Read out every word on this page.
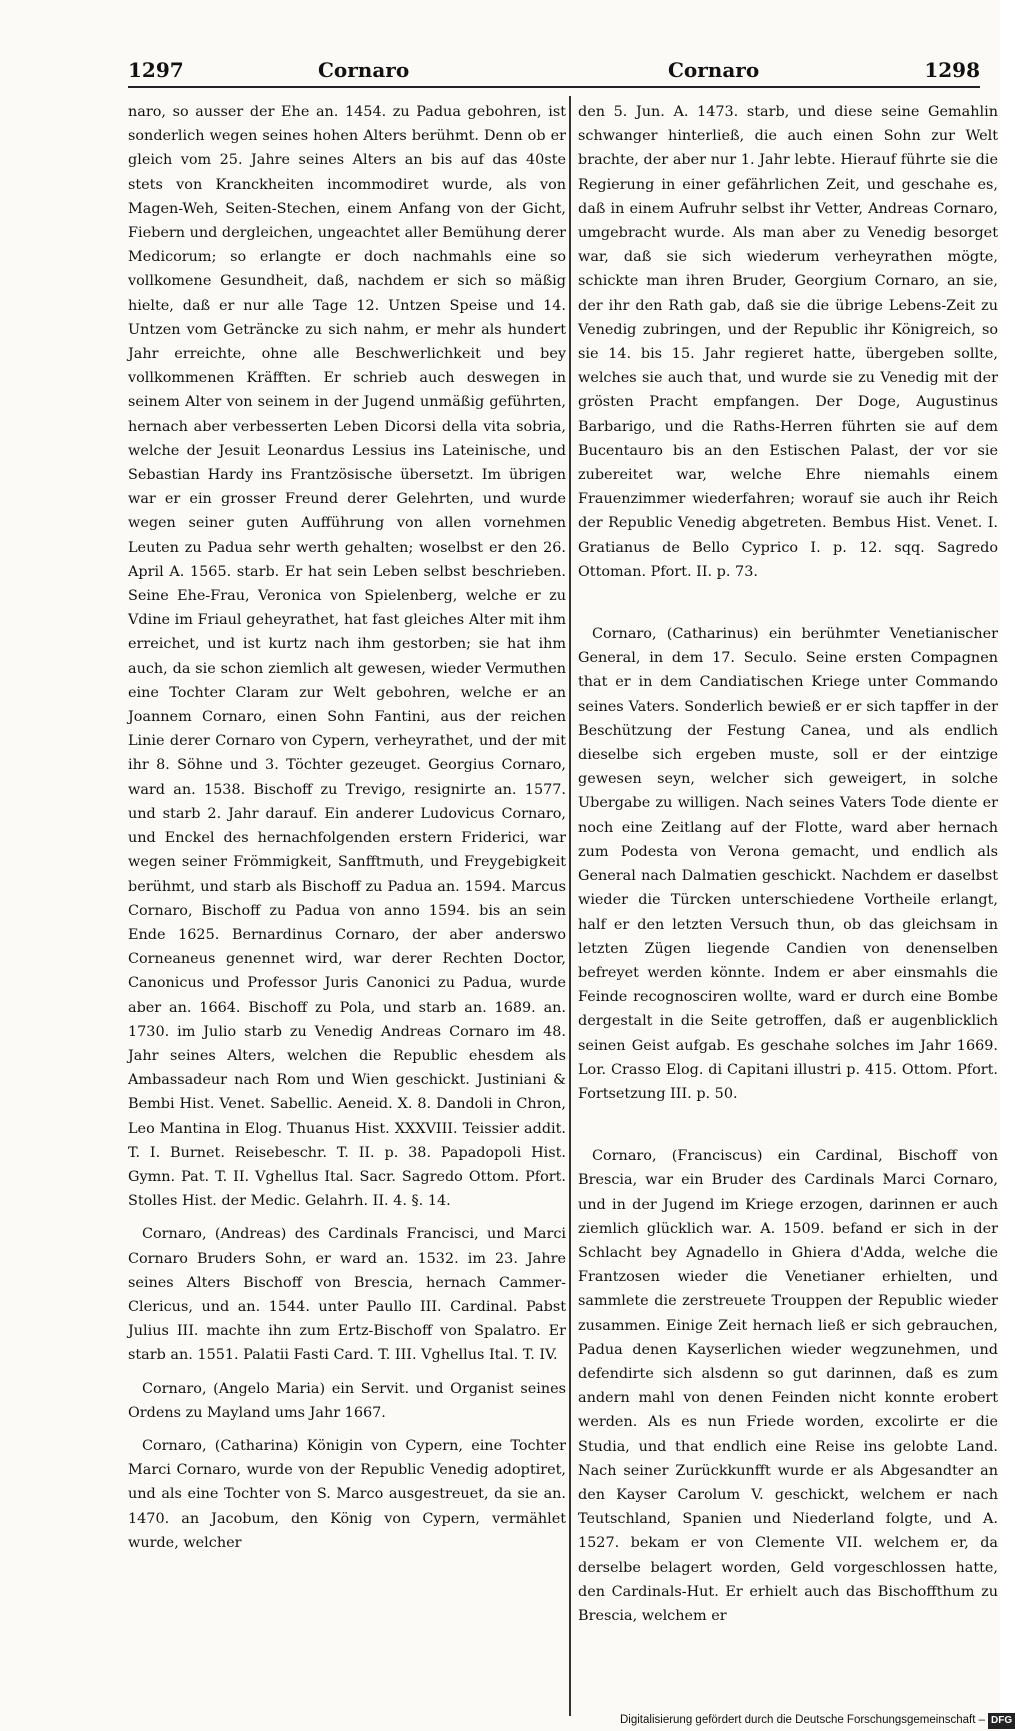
1297	Cornaro	Cornaro	1298

naro, so ausser der Ehe an. 1454. zu Padua gebohren, ist sonderlich wegen seines hohen Alters berühmt. Denn ob er gleich vom 25. Jahre seines Alters an bis auf das 40ste stets von Kranckheiten incommodiret wurde, als von Magen-Weh, Seiten-Stechen, einem Anfang von der Gicht, Fiebern und dergleichen, ungeachtet aller Bemühung derer Medicorum; so erlangte er doch nachmahls eine so vollkomene Gesundheit, daß, nachdem er sich so mäßig hielte, daß er nur alle Tage 12. Untzen Speise und 14. Untzen vom Geträncke zu sich nahm, er mehr als hundert Jahr erreichte, ohne alle Beschwerlichkeit und bey vollkommenen Kräfften. Er schrieb auch deswegen in seinem Alter von seinem in der Jugend unmäßig geführten, hernach aber verbesserten Leben Dicorsi della vita sobria, welche der Jesuit Leonardus Lessius ins Lateinische, und Sebastian Hardy ins Frantzösische übersetzt. Im übrigen war er ein grosser Freund derer Gelehrten, und wurde wegen seiner guten Aufführung von allen vornehmen Leuten zu Padua sehr werth gehalten; woselbst er den 26. April A. 1565. starb. Er hat sein Leben selbst beschrieben. Seine Ehe-Frau, Veronica von Spielenberg, welche er zu Vdine im Friaul geheyrathet, hat fast gleiches Alter mit ihm erreichet, und ist kurtz nach ihm gestorben; sie hat ihm auch, da sie schon ziemlich alt gewesen, wieder Vermuthen eine Tochter Claram zur Welt gebohren, welche er an Joannem Cornaro, einen Sohn Fantini, aus der reichen Linie derer Cornaro von Cypern, verheyrathet, und der mit ihr 8. Söhne und 3. Töchter gezeuget. Georgius Cornaro, ward an. 1538. Bischoff zu Trevigo, resignirte an. 1577. und starb 2. Jahr darauf. Ein anderer Ludovicus Cornaro, und Enckel des hernachfolgenden erstern Friderici, war wegen seiner Frömmigkeit, Sanfftmuth, und Freygebigkeit berühmt, und starb als Bischoff zu Padua an. 1594. Marcus Cornaro, Bischoff zu Padua von anno 1594. bis an sein Ende 1625. Bernardinus Cornaro, der aber anderswo Corneaneus genennet wird, war derer Rechten Doctor, Canonicus und Professor Juris Canonici zu Padua, wurde aber an. 1664. Bischoff zu Pola, und starb an. 1689. an. 1730. im Julio starb zu Venedig Andreas Cornaro im 48. Jahr seines Alters, welchen die Republic ehesdem als Ambassadeur nach Rom und Wien geschickt. Justiniani & Bembi Hist. Venet. Sabellic. Aeneid. X. 8. Dandoli in Chron, Leo Mantina in Elog. Thuanus Hist. XXXVIII. Teissier addit. T. I. Burnet. Reisebeschr. T. II. p. 38. Papadopoli Hist. Gymn. Pat. T. II. Vghellus Ital. Sacr. Sagredo Ottom. Pfort. Stolles Hist. der Medic. Gelahrh. II. 4. §. 14.

Cornaro, (Andreas) des Cardinals Francisci, und Marci Cornaro Bruders Sohn, er ward an. 1532. im 23. Jahre seines Alters Bischoff von Brescia, hernach Cammer-Clericus, und an. 1544. unter Paullo III. Cardinal. Pabst Julius III. machte ihn zum Ertz-Bischoff von Spalatro. Er starb an. 1551. Palatii Fasti Card. T. III. Vghellus Ital. T. IV.

Cornaro, (Angelo Maria) ein Servit. und Organist seines Ordens zu Mayland ums Jahr 1667.

Cornaro, (Catharina) Königin von Cypern, eine Tochter Marci Cornaro, wurde von der Republic Venedig adoptiret, und als eine Tochter von S. Marco ausgestreuet, da sie an. 1470. an Jacobum, den König von Cypern, vermählet wurde, welcher

den 5. Jun. A. 1473. starb, und diese seine Gemahlin schwanger hinterließ, die auch einen Sohn zur Welt brachte, der aber nur 1. Jahr lebte. Hierauf führte sie die Regierung in einer gefährlichen Zeit, und geschahe es, daß in einem Aufruhr selbst ihr Vetter, Andreas Cornaro, umgebracht wurde. Als man aber zu Venedig besorget war, daß sie sich wiederum verheyrathen mögte, schickte man ihren Bruder, Georgium Cornaro, an sie, der ihr den Rath gab, daß sie die übrige Lebens-Zeit zu Venedig zubringen, und der Republic ihr Königreich, so sie 14. bis 15. Jahr regieret hatte, übergeben sollte, welches sie auch that, und wurde sie zu Venedig mit der grösten Pracht empfangen. Der Doge, Augustinus Barbarigo, und die Raths-Herren führten sie auf dem Bucentauro bis an den Estischen Palast, der vor sie zubereitet war, welche Ehre niemahls einem Frauenzimmer wiederfahren; worauf sie auch ihr Reich der Republic Venedig abgetreten. Bembus Hist. Venet. I. Gratianus de Bello Cyprico I. p. 12. sqq. Sagredo Ottoman. Pfort. II. p. 73.

Cornaro, (Catharinus) ein berühmter Venetianischer General, in dem 17. Seculo. Seine ersten Compagnen that er in dem Candiatischen Kriege unter Commando seines Vaters. Sonderlich bewieß er er sich tapffer in der Beschützung der Festung Canea, und als endlich dieselbe sich ergeben muste, soll er der eintzige gewesen seyn, welcher sich geweigert, in solche Ubergabe zu willigen. Nach seines Vaters Tode diente er noch eine Zeitlang auf der Flotte, ward aber hernach zum Podesta von Verona gemacht, und endlich als General nach Dalmatien geschickt. Nachdem er daselbst wieder die Türcken unterschiedene Vortheile erlangt, half er den letzten Versuch thun, ob das gleichsam in letzten Zügen liegende Candien von denenselben befreyet werden könnte. Indem er aber einsmahls die Feinde recognosciren wollte, ward er durch eine Bombe dergestalt in die Seite getroffen, daß er augenblicklich seinen Geist aufgab. Es geschahe solches im Jahr 1669. Lor. Crasso Elog. di Capitani illustri p. 415. Ottom. Pfort. Fortsetzung III. p. 50.

Cornaro, (Franciscus) ein Cardinal, Bischoff von Brescia, war ein Bruder des Cardinals Marci Cornaro, und in der Jugend im Kriege erzogen, darinnen er auch ziemlich glücklich war. A. 1509. befand er sich in der Schlacht bey Agnadello in Ghiera d'Adda, welche die Frantzosen wieder die Venetianer erhielten, und sammlete die zerstreuete Trouppen der Republic wieder zusammen. Einige Zeit hernach ließ er sich gebrauchen, Padua denen Kayserlichen wieder wegzunehmen, und defendirte sich alsdenn so gut darinnen, daß es zum andern mahl von denen Feinden nicht konnte erobert werden. Als es nun Friede worden, excolirte er die Studia, und that endlich eine Reise ins gelobte Land. Nach seiner Zurückkunfft wurde er als Abgesandter an den Kayser Carolum V. geschickt, welchem er nach Teutschland, Spanien und Niederland folgte, und A. 1527. bekam er von Clemente VII. welchem er, da derselbe belagert worden, Geld vorgeschlossen hatte, den Cardinals-Hut. Er erhielt auch das Bischoffthum zu Brescia, welchem er

Digitalisierung gefördert durch die Deutsche Forschungsgemeinschaft – DFG
